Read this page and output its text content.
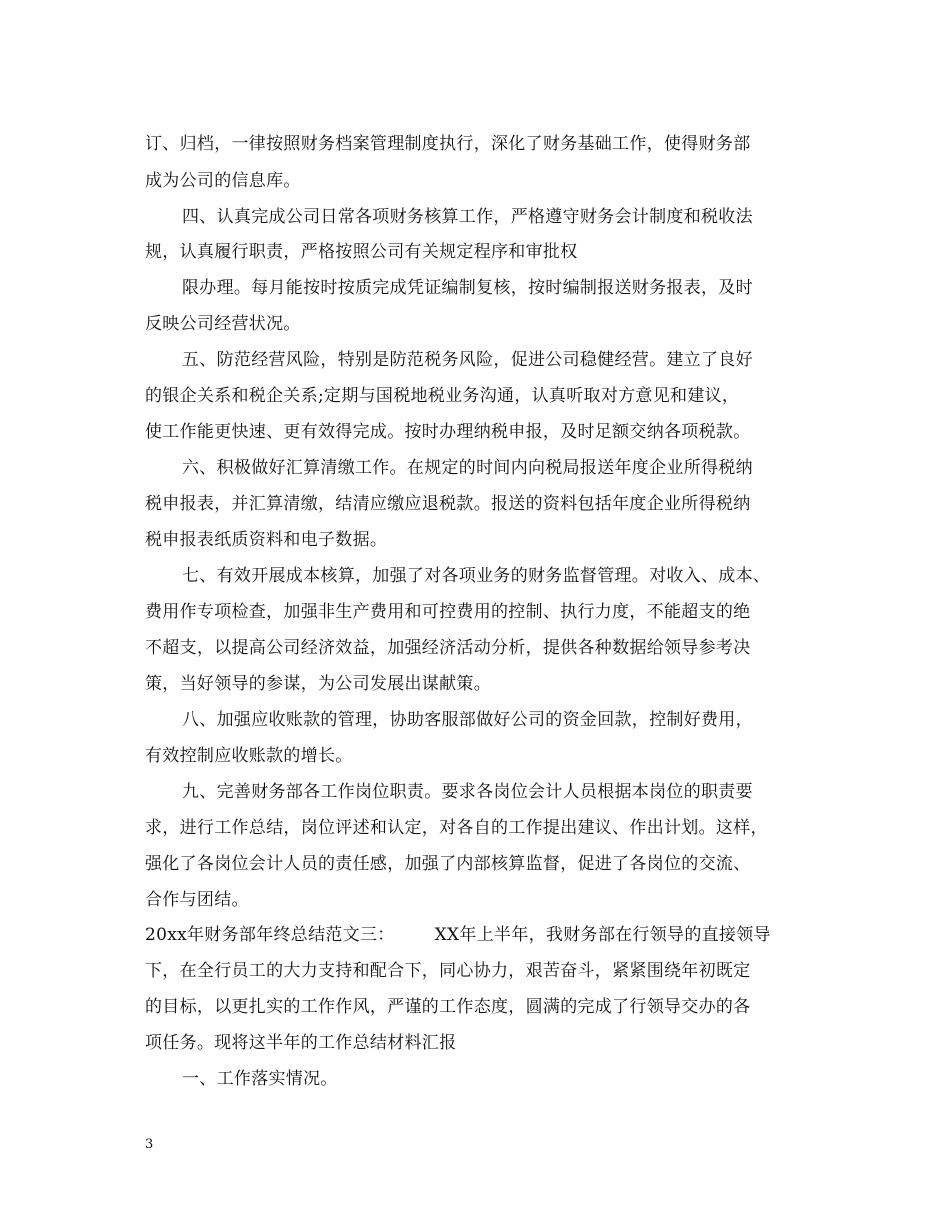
订、归档，一律按照财务档案管理制度执行，深化了财务基础工作，使得财务部
成为公司的信息库。
四、认真完成公司日常各项财务核算工作，严格遵守财务会计制度和税收法
规，认真履行职责，严格按照公司有关规定程序和审批权
限办理。每月能按时按质完成凭证编制复核，按时编制报送财务报表，及时
反映公司经营状况。
五、防范经营风险，特别是防范税务风险，促进公司稳健经营。建立了良好
的银企关系和税企关系;定期与国税地税业务沟通，认真听取对方意见和建议，
使工作能更快速、更有效得完成。按时办理纳税申报，及时足额交纳各项税款。
六、积极做好汇算清缴工作。在规定的时间内向税局报送年度企业所得税纳
税申报表，并汇算清缴，结清应缴应退税款。报送的资料包括年度企业所得税纳
税申报表纸质资料和电子数据。
七、有效开展成本核算，加强了对各项业务的财务监督管理。对收入、成本、
费用作专项检查，加强非生产费用和可控费用的控制、执行力度，不能超支的绝
不超支，以提高公司经济效益，加强经济活动分析，提供各种数据给领导参考决
策，当好领导的参谋，为公司发展出谋献策。
八、加强应收账款的管理，协助客服部做好公司的资金回款，控制好费用，
有效控制应收账款的增长。
九、完善财务部各工作岗位职责。要求各岗位会计人员根据本岗位的职责要
求，进行工作总结，岗位评述和认定，对各自的工作提出建议、作出计划。这样，
强化了各岗位会计人员的责任感，加强了内部核算监督，促进了各岗位的交流、
合作与团结。
20xx年财务部年终总结范文三： XX年上半年，我财务部在行领导的直接领导
下，在全行员工的大力支持和配合下，同心协力，艰苦奋斗，紧紧围绕年初既定
的目标，以更扎实的工作作风，严谨的工作态度，圆满的完成了行领导交办的各
项任务。现将这半年的工作总结材料汇报
一、工作落实情况。
3
